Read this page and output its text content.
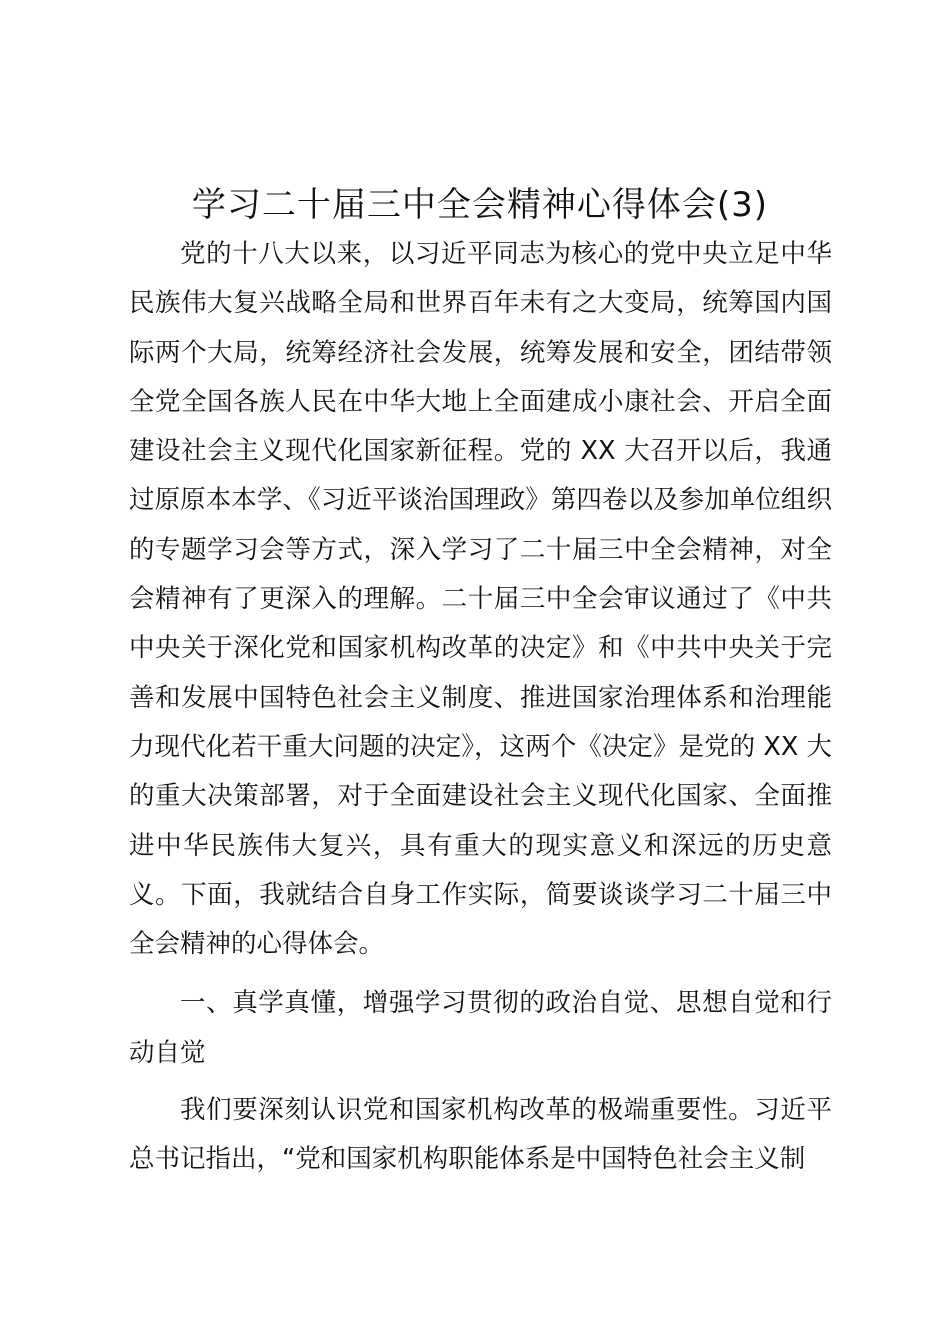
学习二十届三中全会精神心得体会(3)

党的十八大以来，以习近平同志为核心的党中央立足中华民族伟大复兴战略全局和世界百年未有之大变局，统筹国内国际两个大局，统筹经济社会发展，统筹发展和安全，团结带领全党全国各族人民在中华大地上全面建成小康社会、开启全面建设社会主义现代化国家新征程。党的 XX 大召开以后，我通过原原本本学、《习近平谈治国理政》第四卷以及参加单位组织的专题学习会等方式，深入学习了二十届三中全会精神，对全会精神有了更深入的理解。二十届三中全会审议通过了《中共中央关于深化党和国家机构改革的决定》和《中共中央关于完善和发展中国特色社会主义制度、推进国家治理体系和治理能力现代化若干重大问题的决定》，这两个《决定》是党的 XX 大的重大决策部署，对于全面建设社会主义现代化国家、全面推进中华民族伟大复兴，具有重大的现实意义和深远的历史意义。下面，我就结合自身工作实际，简要谈谈学习二十届三中全会精神的心得体会。

一、真学真懂，增强学习贯彻的政治自觉、思想自觉和行动自觉

我们要深刻认识党和国家机构改革的极端重要性。习近平总书记指出，“党和国家机构职能体系是中国特色社会主义制
